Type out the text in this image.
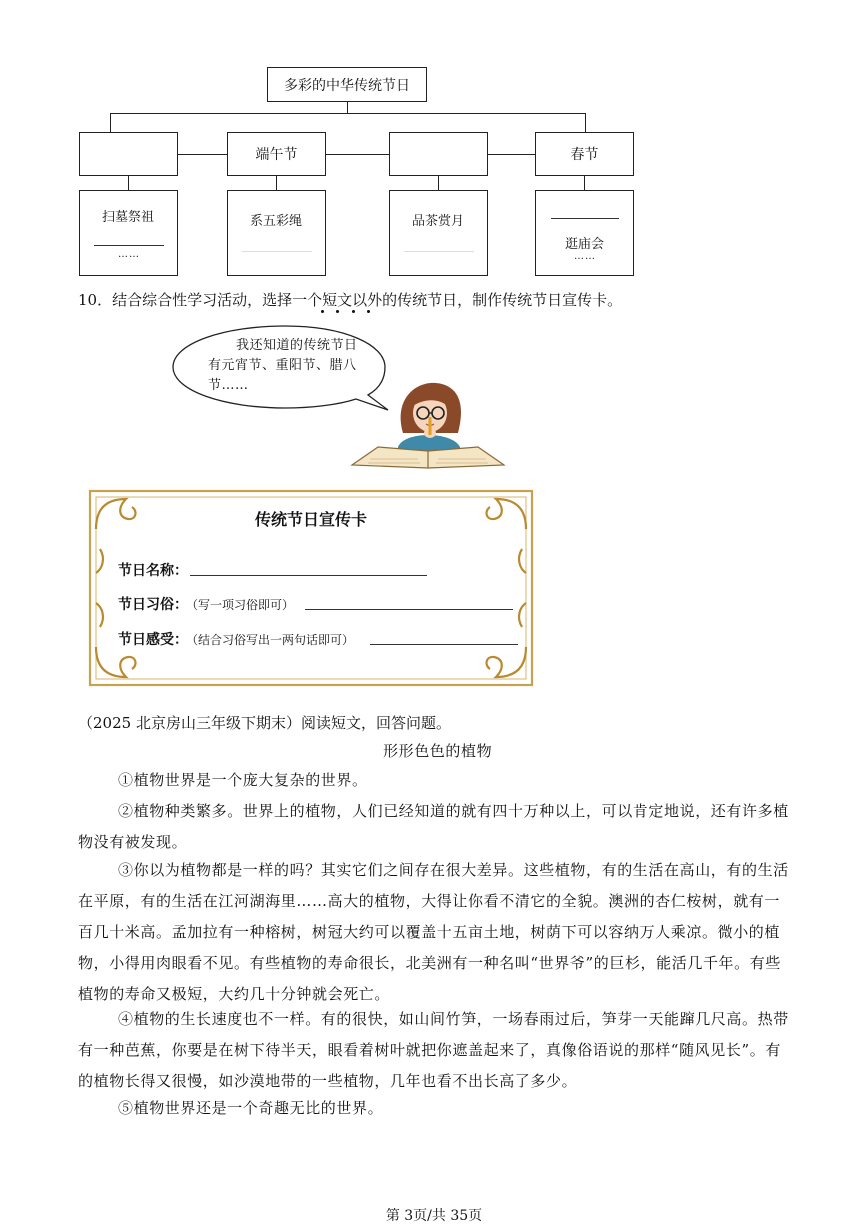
多彩的中华传统节日
扫墓祭祖
……
端午节
系五彩绳	品茶赏月
春节
逛庙会
……
10．结合综合性学习活动，选择一个短文以外的传统节日，制作传统节日宣传卡。
我还知道的传统节日有元宵节、重阳节、腊八节……
传统节日宣传卡
节日名称：
节日习俗： （写一项习俗即可）
节日感受： （结合习俗写出一两句话即可）
（2025 北京房山三年级下期末）阅读短文，回答问题。
形形色色的植物
①植物世界是一个庞大复杂的世界。
②植物种类繁多。世界上的植物，人们已经知道的就有四十万种以上，可以肯定地说，还有许多植物没有被发现。
③你以为植物都是一样的吗？其实它们之间存在很大差异。这些植物，有的生活在高山，有的生活在平原，有的生活在江河湖海里……高大的植物，大得让你看不清它的全貌。澳洲的杏仁桉树，就有一百几十米高。孟加拉有一种榕树，树冠大约可以覆盖十五亩土地，树荫下可以容纳万人乘凉。微小的植物，小得用肉眼看不见。有些植物的寿命很长，北美洲有一种名叫“世界爷”的巨杉，能活几千年。有些植物的寿命又极短，大约几十分钟就会死亡。
④植物的生长速度也不一样。有的很快，如山间竹笋，一场春雨过后，笋芽一天能蹿几尺高。热带有一种芭蕉，你要是在树下待半天，眼看着树叶就把你遮盖起来了，真像俗语说的那样“随风见长”。有的植物长得又很慢，如沙漠地带的一些植物，几年也看不出长高了多少。
⑤植物世界还是一个奇趣无比的世界。
第 3页/共 35页
